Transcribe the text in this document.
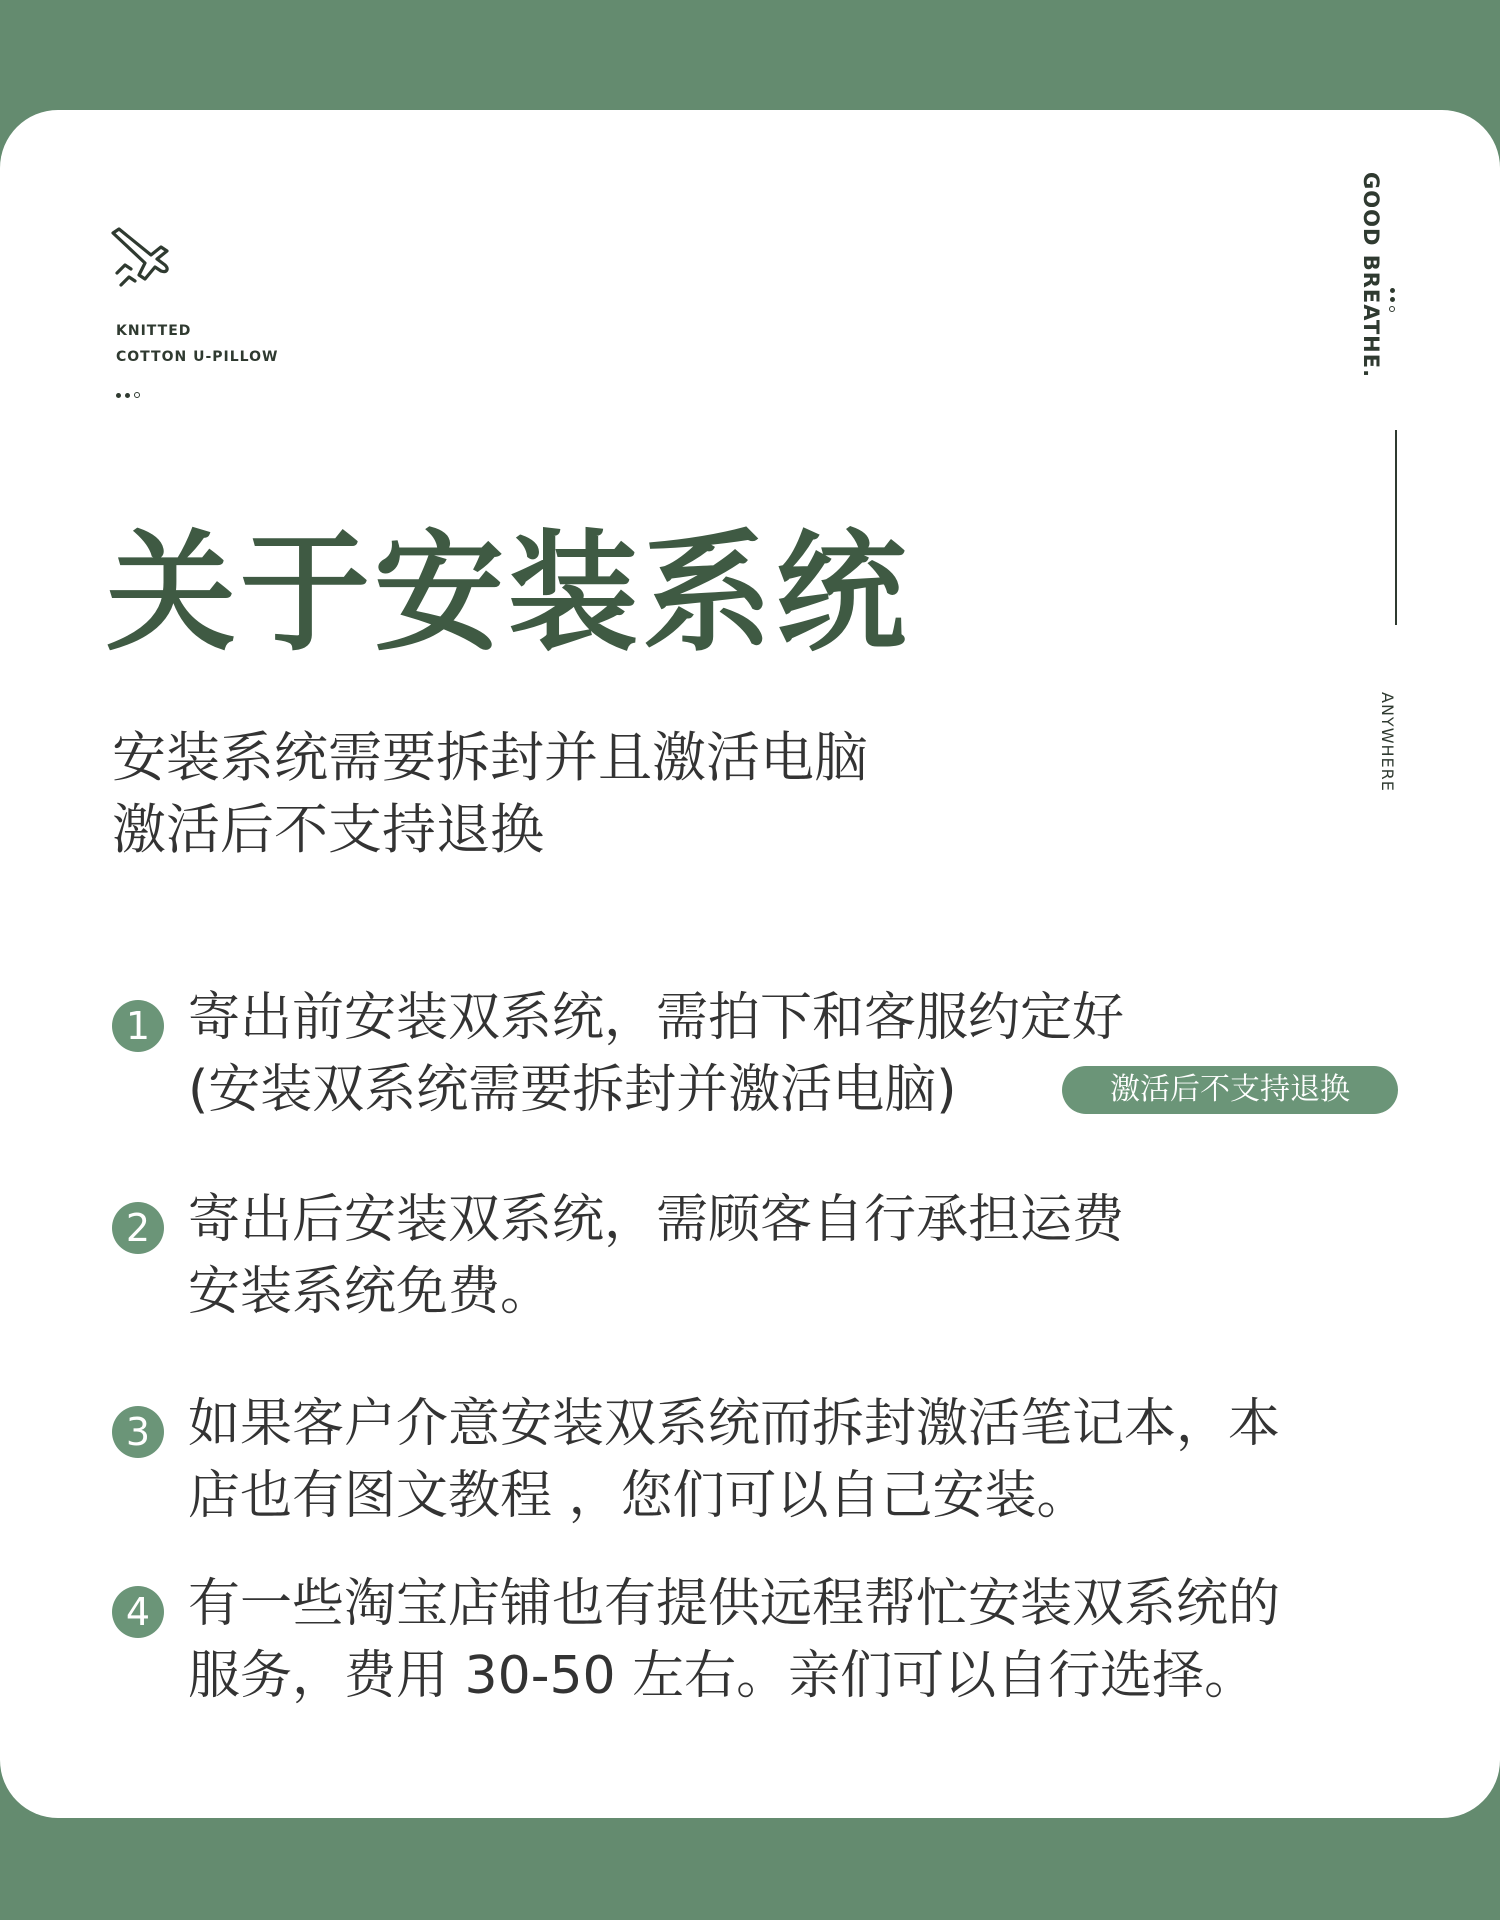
KNITTED
COTTON U-PILLOW
GOOD BREATHE.
ANYWHERE
关于安装系统
安装系统需要拆封并且激活电脑
激活后不支持退换
1 寄出前安装双系统，需拍下和客服约定好
(安装双系统需要拆封并激活电脑)	激活后不支持退换
2 寄出后安装双系统，需顾客自行承担运费
安装系统免费。
3 如果客户介意安装双系统而拆封激活笔记本，本
店也有图文教程 ，您们可以自己安装。
4 有一些淘宝店铺也有提供远程帮忙安装双系统的
服务，费用 30-50 左右。亲们可以自行选择。
